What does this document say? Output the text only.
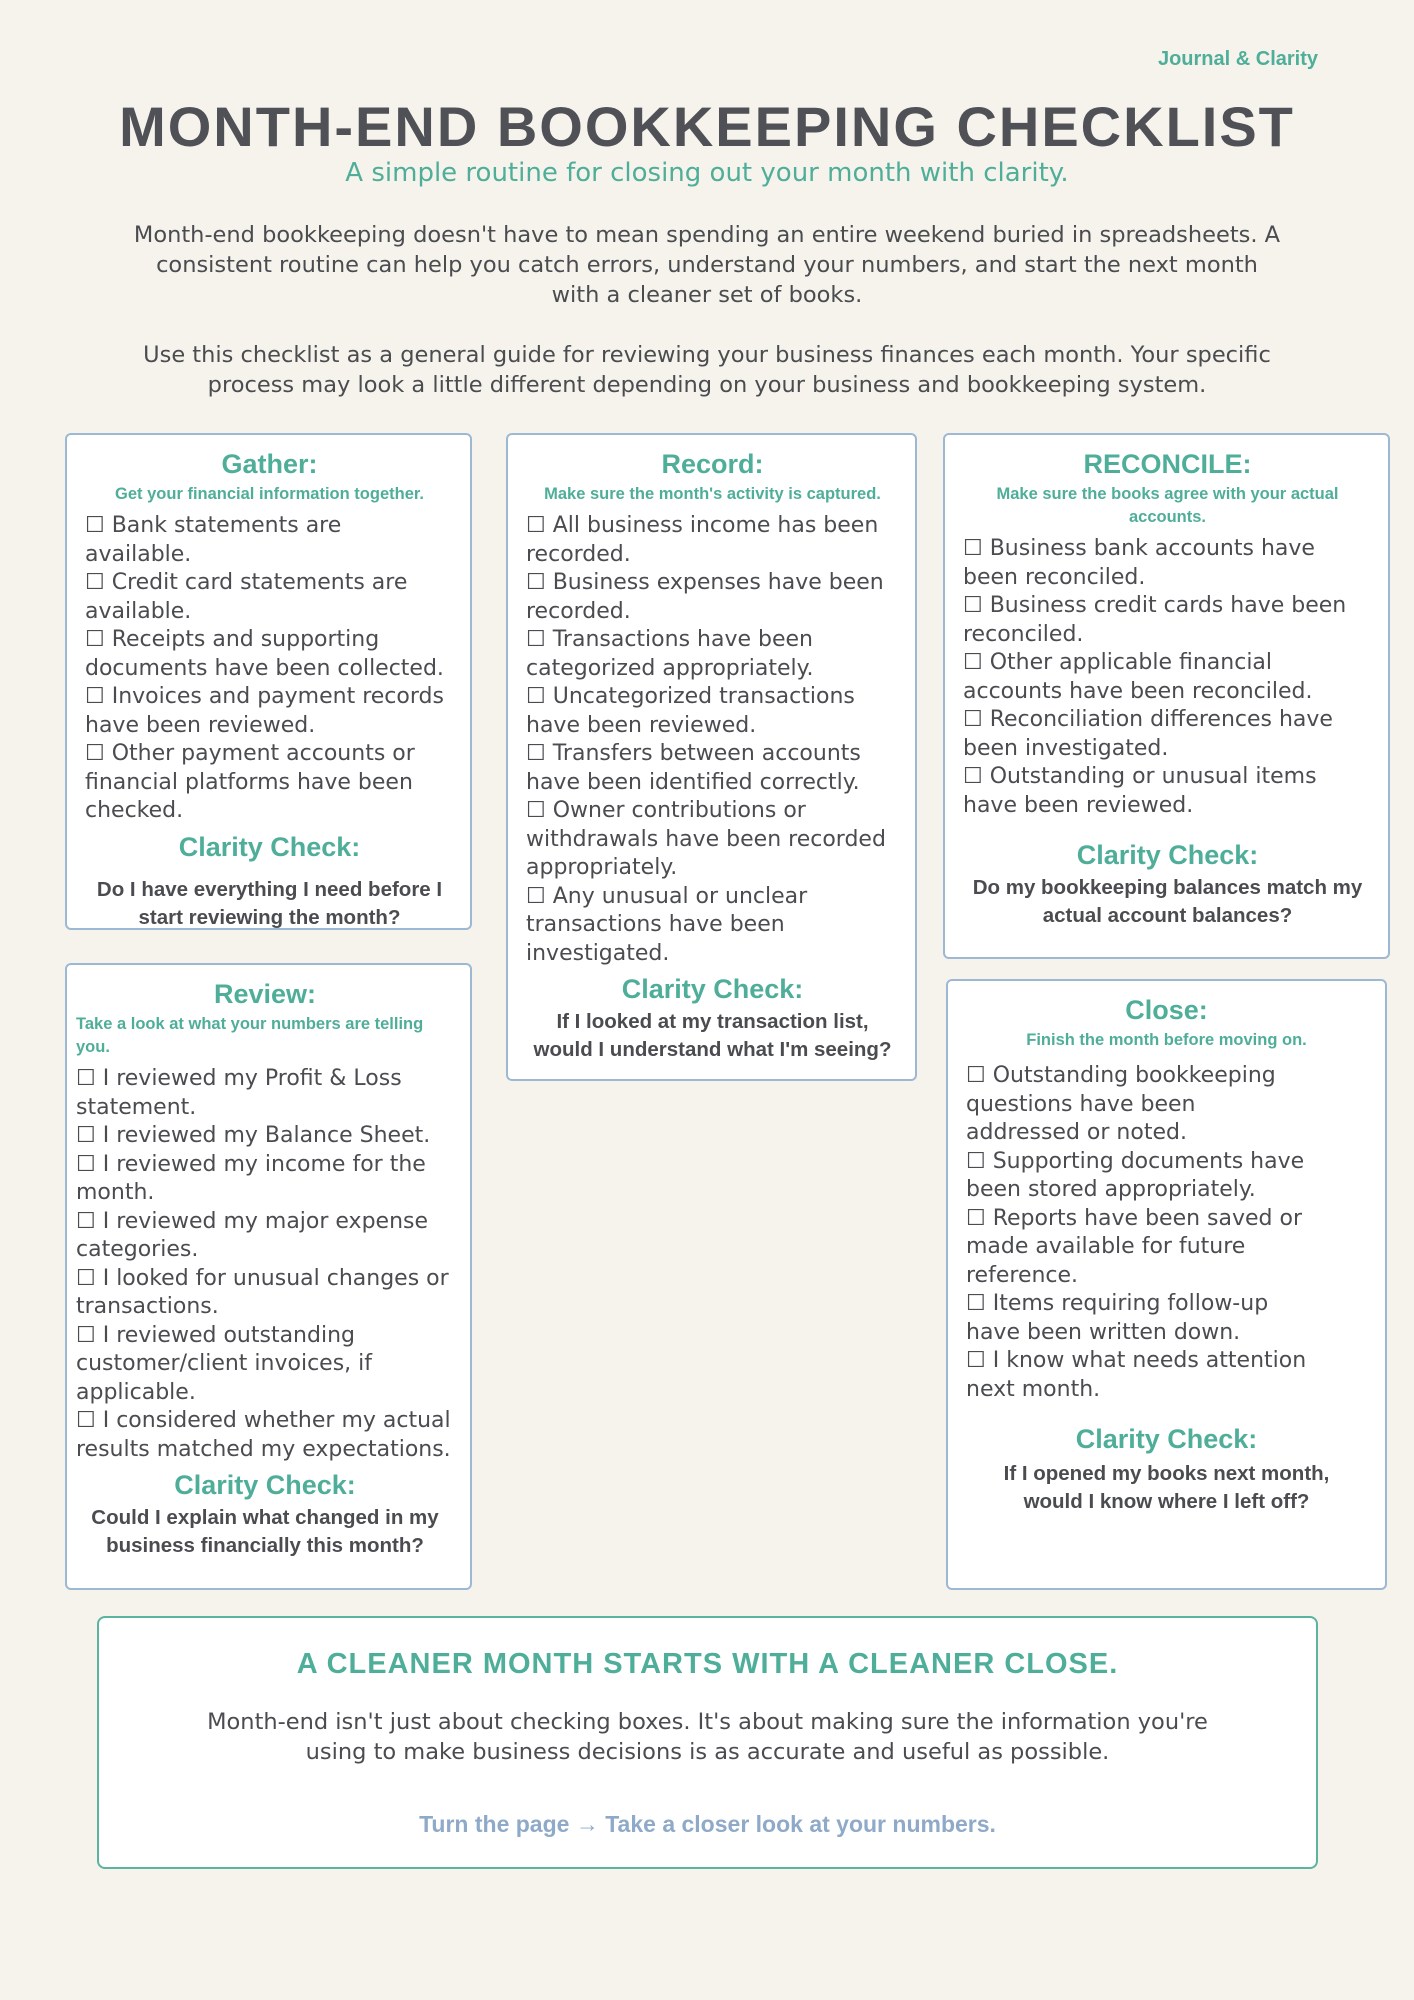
Journal & Clarity
MONTH-END BOOKKEEPING CHECKLIST
A simple routine for closing out your month with clarity.
Month-end bookkeeping doesn't have to mean spending an entire weekend buried in spreadsheets. A consistent routine can help you catch errors, understand your numbers, and start the next month with a cleaner set of books.
Use this checklist as a general guide for reviewing your business finances each month. Your specific process may look a little different depending on your business and bookkeeping system.
Gather:
Get your financial information together.
☐ Bank statements are available.
☐ Credit card statements are available.
☐ Receipts and supporting documents have been collected.
☐ Invoices and payment records have been reviewed.
☐ Other payment accounts or financial platforms have been checked.
Clarity Check:
Do I have everything I need before I start reviewing the month?
Record:
Make sure the month's activity is captured.
☐ All business income has been recorded.
☐ Business expenses have been recorded.
☐ Transactions have been categorized appropriately.
☐ Uncategorized transactions have been reviewed.
☐ Transfers between accounts have been identified correctly.
☐ Owner contributions or withdrawals have been recorded appropriately.
☐ Any unusual or unclear transactions have been investigated.
Clarity Check:
If I looked at my transaction list, would I understand what I'm seeing?
RECONCILE:
Make sure the books agree with your actual accounts.
☐ Business bank accounts have been reconciled.
☐ Business credit cards have been reconciled.
☐ Other applicable financial accounts have been reconciled.
☐ Reconciliation differences have been investigated.
☐ Outstanding or unusual items have been reviewed.
Clarity Check:
Do my bookkeeping balances match my actual account balances?
Review:
Take a look at what your numbers are telling you.
☐ I reviewed my Profit & Loss statement.
☐ I reviewed my Balance Sheet.
☐ I reviewed my income for the month.
☐ I reviewed my major expense categories.
☐ I looked for unusual changes or transactions.
☐ I reviewed outstanding customer/client invoices, if applicable.
☐ I considered whether my actual results matched my expectations.
Clarity Check:
Could I explain what changed in my business financially this month?
Close:
Finish the month before moving on.
☐ Outstanding bookkeeping questions have been addressed or noted.
☐ Supporting documents have been stored appropriately.
☐ Reports have been saved or made available for future reference.
☐ Items requiring follow-up have been written down.
☐ I know what needs attention next month.
Clarity Check:
If I opened my books next month, would I know where I left off?
A CLEANER MONTH STARTS WITH A CLEANER CLOSE.
Month-end isn't just about checking boxes. It's about making sure the information you're using to make business decisions is as accurate and useful as possible.
Turn the page → Take a closer look at your numbers.
